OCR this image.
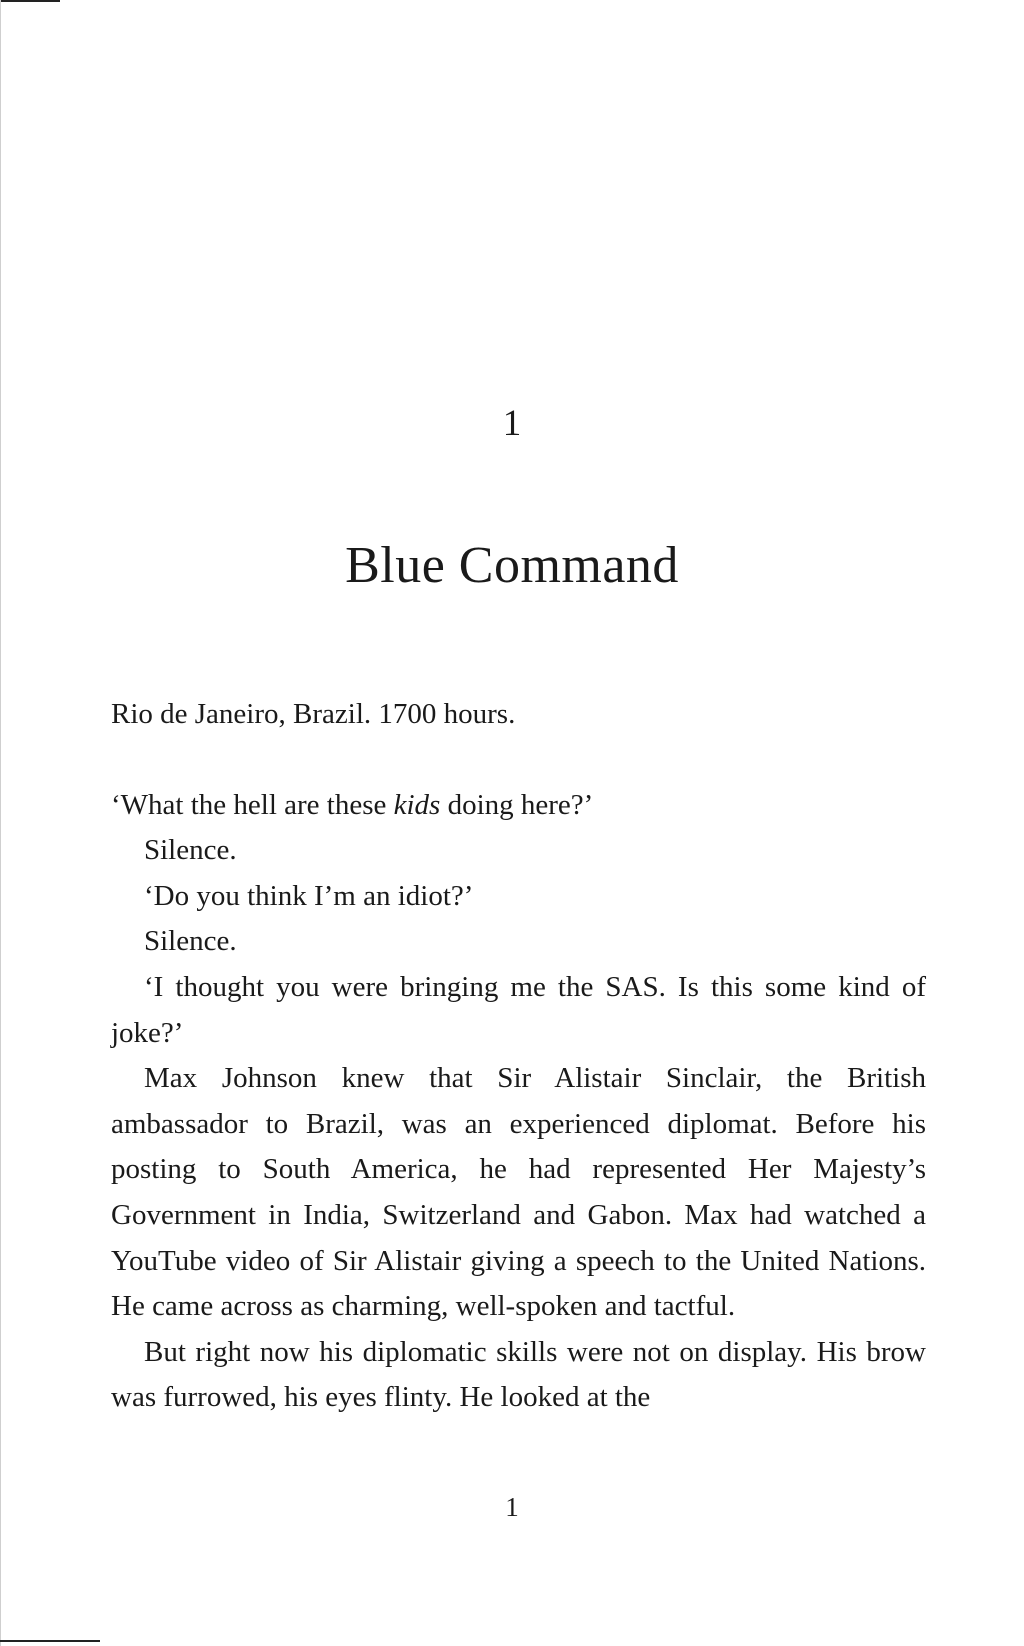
1
Blue Command

Rio de Janeiro, Brazil. 1700 hours.

‘What the hell are these kids doing here?’

Silence.

‘Do you think I’m an idiot?’

Silence.

‘I thought you were bringing me the SAS. Is this some kind of joke?’

Max Johnson knew that Sir Alistair Sinclair, the British ambassador to Brazil, was an experienced diplomat. Before his posting to South America, he had represented Her Majesty’s Government in India, Switzerland and Gabon. Max had watched a YouTube video of Sir Alistair giving a speech to the United Nations. He came across as charming, well-spoken and tactful.

But right now his diplomatic skills were not on display. His brow was furrowed, his eyes flinty. He looked at the

1
